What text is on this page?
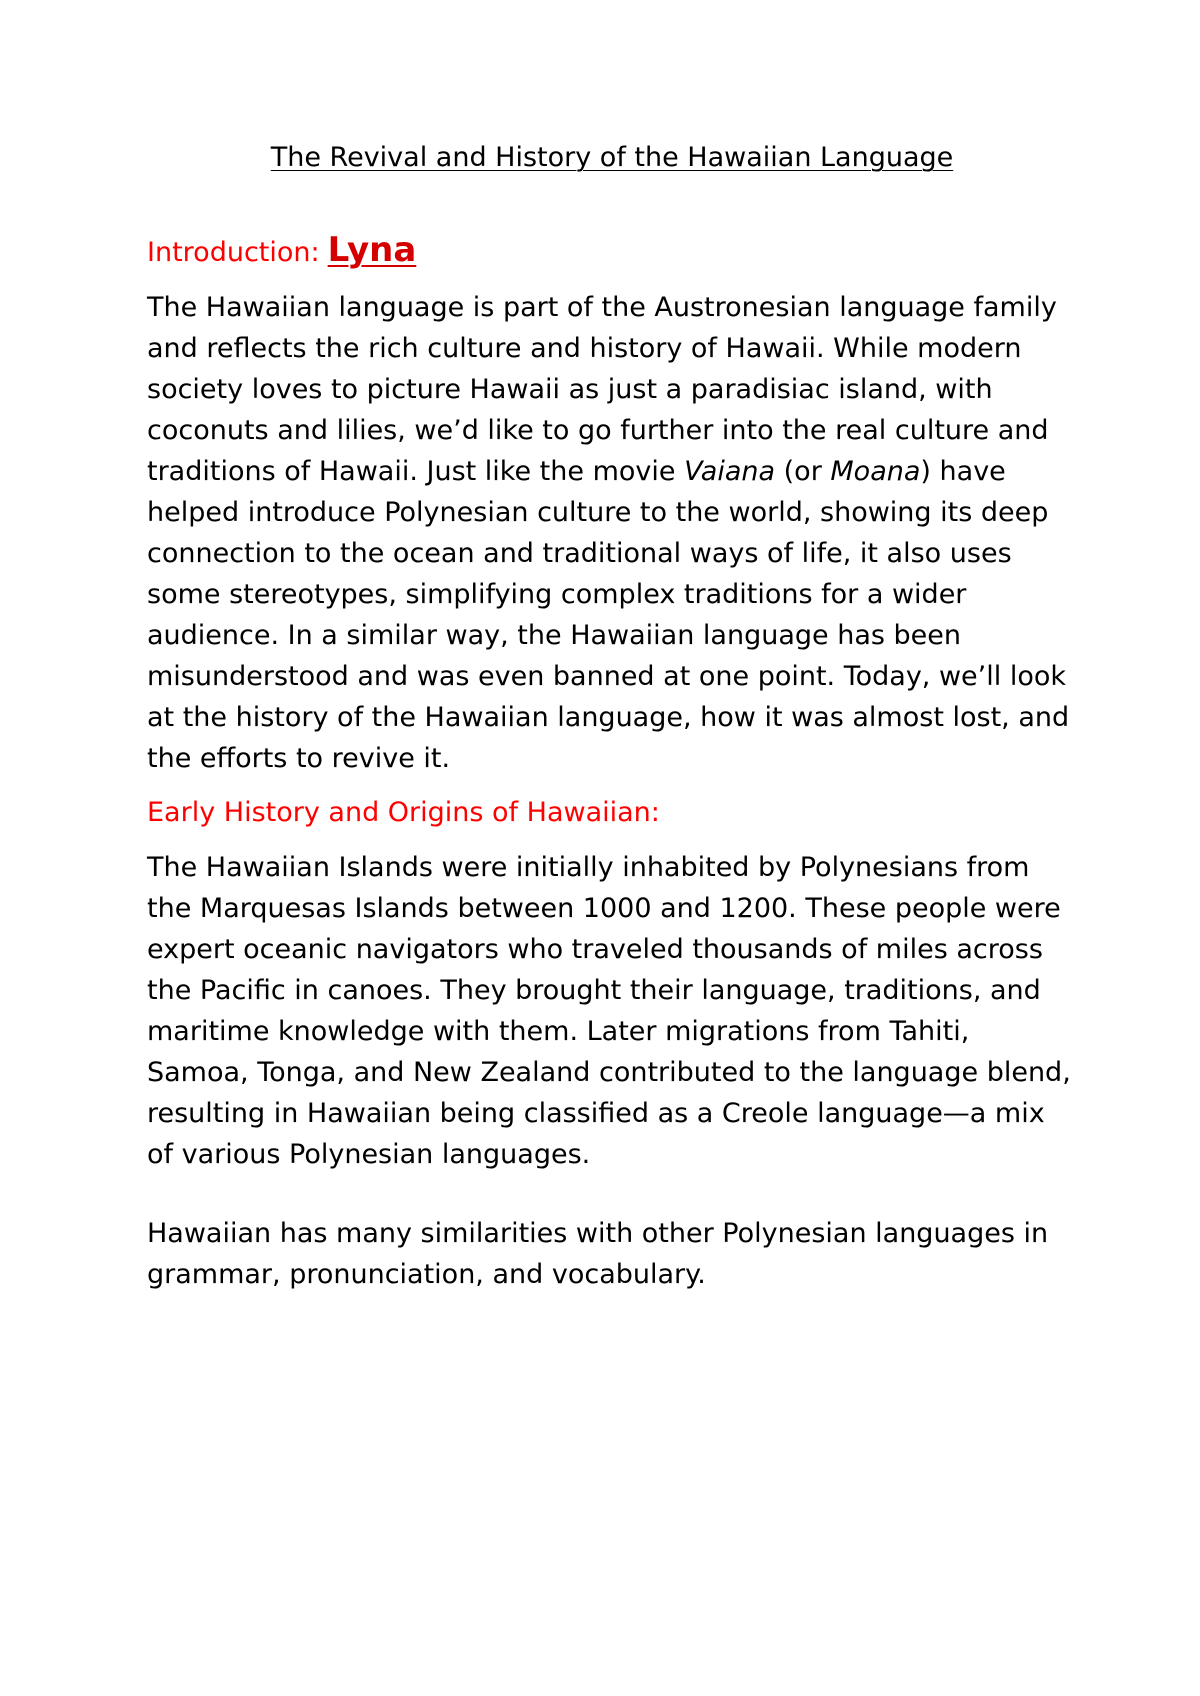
The Revival and History of the Hawaiian Language
Introduction: Lyna

The Hawaiian language is part of the Austronesian language family and reflects the rich culture and history of Hawaii. While modern society loves to picture Hawaii as just a paradisiac island, with coconuts and lilies, we’d like to go further into the real culture and traditions of Hawaii. Just like the movie Vaiana (or Moana) have helped introduce Polynesian culture to the world, showing its deep connection to the ocean and traditional ways of life, it also uses some stereotypes, simplifying complex traditions for a wider audience. In a similar way, the Hawaiian language has been misunderstood and was even banned at one point. Today, we’ll look at the history of the Hawaiian language, how it was almost lost, and the efforts to revive it.

Early History and Origins of Hawaiian:

The Hawaiian Islands were initially inhabited by Polynesians from the Marquesas Islands between 1000 and 1200. These people were expert oceanic navigators who traveled thousands of miles across the Pacific in canoes. They brought their language, traditions, and maritime knowledge with them. Later migrations from Tahiti, Samoa, Tonga, and New Zealand contributed to the language blend, resulting in Hawaiian being classified as a Creole language—a mix of various Polynesian languages.

Hawaiian has many similarities with other Polynesian languages in grammar, pronunciation, and vocabulary.
